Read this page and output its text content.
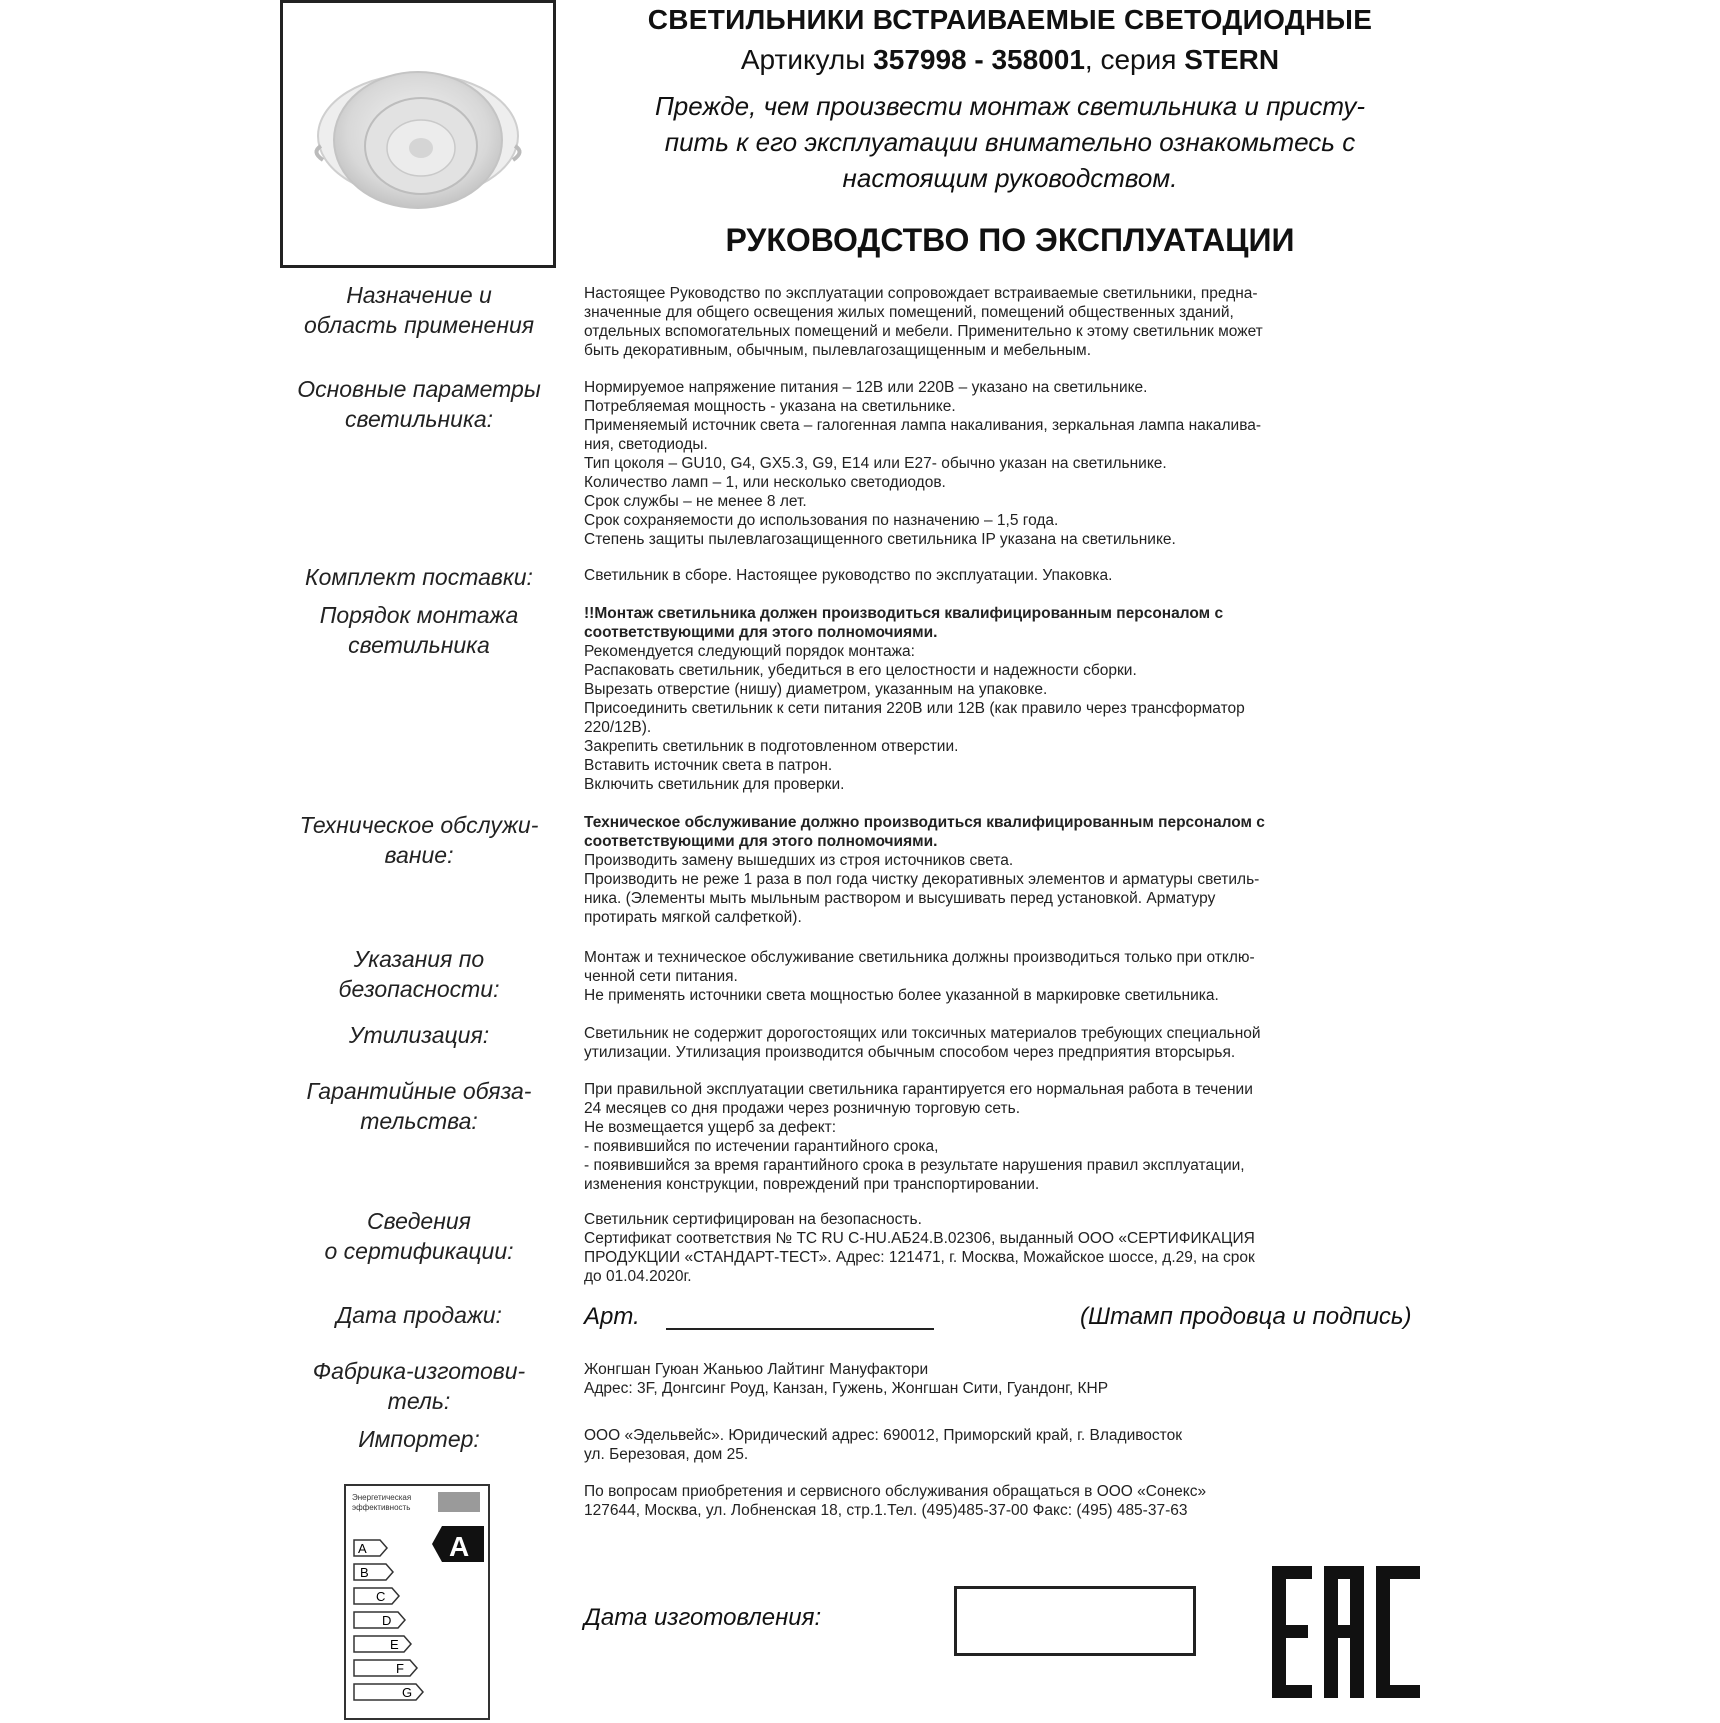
СВЕТИЛЬНИКИ ВСТРАИВАЕМЫЕ СВЕТОДИОДНЫЕ
Артикулы 357998 - 358001, серия STERN
Прежде, чем произвести монтаж светильника и присту-
пить к его эксплуатации внимательно ознакомьтесь с
настоящим руководством.
РУКОВОДСТВО ПО ЭКСПЛУАТАЦИИ
Назначение и
область применения
Основные параметры
светильника:
Комплект поставки:
Порядок монтажа
светильника
Техническое обслужи-
вание:
Указания по
безопасности:
Утилизация:
Гарантийные обяза-
тельства:
Сведения
о сертификации:
Дата продажи:
Фабрика-изготови-
тель:
Импортер:
Настоящее Руководство по эксплуатации сопровождает встраиваемые светильники, предна-
значенные для общего освещения жилых помещений, помещений общественных зданий,
отдельных вспомогательных помещений и мебели. Применительно к этому светильник может
быть декоративным, обычным, пылевлагозащищенным и мебельным.
Нормируемое напряжение питания – 12В или 220В – указано на светильнике.
Потребляемая мощность - указана на светильнике.
Применяемый источник света – галогенная лампа накаливания, зеркальная лампа накалива-
ния, светодиоды.
Тип цоколя – GU10, G4, GX5.3, G9, E14 или E27- обычно указан на светильнике.
Количество ламп – 1, или несколько светодиодов.
Срок службы – не менее 8 лет.
Срок сохраняемости до использования по назначению – 1,5 года.
Степень защиты пылевлагозащищенного светильника IP указана на светильнике.
Светильник в сборе. Настоящее руководство по эксплуатации. Упаковка.
!!Монтаж светильника должен производиться квалифицированным персоналом с
соответствующими для этого полномочиями.
Рекомендуется следующий порядок монтажа:
Распаковать светильник, убедиться в его целостности и надежности сборки.
Вырезать отверстие (нишу) диаметром, указанным на упаковке.
Присоединить светильник к сети питания 220В или 12В (как правило через трансформатор
220/12В).
Закрепить светильник в подготовленном отверстии.
Вставить источник света в патрон.
Включить светильник для проверки.
Техническое обслуживание должно производиться квалифицированным персоналом с
соответствующими для этого полномочиями.
Производить замену вышедших из строя источников света.
Производить не реже 1 раза в пол года чистку декоративных элементов и арматуры светиль-
ника. (Элементы мыть мыльным раствором и высушивать перед установкой. Арматуру
протирать мягкой салфеткой).
Монтаж и техническое обслуживание светильника должны производиться только при отклю-
ченной сети питания.
Не применять источники света мощностью более указанной в маркировке светильника.
Светильник не содержит дорогостоящих или токсичных материалов требующих специальной
утилизации. Утилизация производится обычным способом через предприятия вторсырья.
При правильной эксплуатации светильника гарантируется его нормальная работа в течении
24 месяцев со дня продажи через розничную торговую сеть.
Не возмещается ущерб за дефект:
- появившийся по истечении гарантийного срока,
- появившийся за время гарантийного срока в результате нарушения правил эксплуатации,
изменения конструкции, повреждений при транспортировании.
Светильник сертифицирован на безопасность.
Сертификат соответствия № ТС RU C-HU.АБ24.В.02306, выданный ООО «СЕРТИФИКАЦИЯ
ПРОДУКЦИИ «СТАНДАРТ-ТЕСТ». Адрес: 121471, г. Москва, Можайское шоссе, д.29, на срок
до 01.04.2020г.
Арт.	(Штамп продовца и подпись)
Жонгшан Гуюан Жаньюо Лайтинг Мануфактори
Адрес: 3F, Донгсинг Роуд, Канзан, Гужень, Жонгшан Сити, Гуандонг, КНР
ООО «Эдельвейс». Юридический адрес: 690012, Приморский край, г. Владивосток
ул. Березовая, дом 25.
По вопросам приобретения и сервисного обслуживания обращаться в ООО «Сонекс»
127644, Москва, ул. Лобненская 18, стр.1.Тел. (495)485-37-00 Факс: (495) 485-37-63
Энергетическая
эффективность
A
B
C
D
E
F
G
A
Дата изготовления:
